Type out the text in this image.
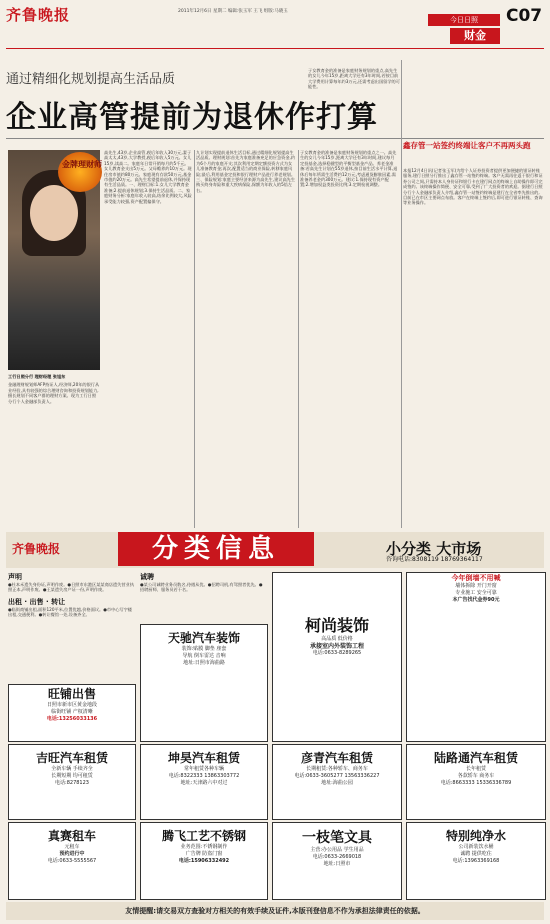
齐鲁晚报	2011年12月6日 星期二 编辑:张玉军 王飞 组版:马晓玉
今日日照
财金
C07
通过精细化规划提高生活品质
企业高管提前为退休作打算
金牌理财师

工行日照分行 理财经理 张旭东

金融理财规划师AFP持证人,经济师,20年的银行从业经验,具有较强的综合理财咨询和投资规划能力,擅长规划不同客户群的理财方案。现为工行日照分行个人金融部负责人。

高先生,43岁,企业高管,税后年收入30万元,妻子高太太,43岁,大学教授,税后年收入5万元。女儿15岁,读高二。家庭年日常开销每月约5千元。女儿教育金支出5万元。父母赡养约10万元。现住房市值约80万元。家庭现有存款50万元,基金市值约20万元。高先生希望提前退休,并保持现有生活品质。一、理财目标:1.女儿大学教育金准备;2.提前退休规划;3.保持生活品质。二、家庭财务分析:家庭年收入较高,结余比例较大,风险承受能力较强,资产配置偏保守。
九计划实现提前退休生活目标,通过精细化规划提高生活品质。理财规划:首先为家庭准备充足的应急资金,约为6个月的家庭开支;其次利用定期定额投资方式为女儿准备教育金;再次,配置适当的商业保险,转移家庭风险;最后,利用基金定投和银行理财产品进行养老规划。三、保险规划:家庭主要经济来源为高先生,建议高先生购买终身寿险和重大疾病保险,保额为年收入的5倍左右。
子女教育金的准备是家庭财务规划的重点之一。高先生的女儿今年15岁,距离大学还有3年时间,建议每月定投基金,选择稳健型的平衡型基金产品。养老金准备:若高先生计划在55岁退休,按目前生活水平计算,退休后每年所需生活费约12万元,考虑通货膨胀因素,需准备养老金约300万元。建议:1.保持现有资产配置;2.增加权益类投资比例;3.定期检视调整。
子女教育金的准备是家庭财务规划的重点,高先生的女儿今年15岁,距离大学还有3年时间,若按目前大学费用计算每年约3万元,还需考虑出国留学的可能性。
鑫存管一站签约终端让客户不再两头跑
本报12月4日讯(记者张玉军)为给个人证券投资者提供更加便捷的银证转账服务,建行日照分行推出了鑫存管一站签约终端。客户无需再往返于银行和证券公司之间,只需持本人身份证和银行卡在建行网点的终端上自助操作即可完成签约。该终端操作简便、安全可靠,受到了广大投资者的欢迎。据建行日照分行个人金融部负责人介绍,鑫存管一站签约终端是建行在全省率先推出的,目前已在市区主要网点布放。客户在终端上签约后,即可进行银证转账、查询等业务操作。
齐鲁晚报	分类信息	小分类 大市场
咨询电话:8308119 18769364117
声明
●杜本禾遗失身份证,声明作废。●日照市东港区某某商店遗失营业执照正本,声明作废。●王某遗失房产证一份,声明作废。
出租 · 出售 · 转让
●临街商铺出租,面积120平米,位置优越,价格面议。●市中心写字楼出租,交通便利。●转让餐馆一处,设备齐全。
诚聘
●某公司诚聘业务员数名,待遇从优。●招聘司机,有驾照者优先。●招聘厨师、服务员若干名。
旺铺出售
日照市新市区黄金地段
临街旺铺 产权清晰
电话:13256033136
天驰汽车装饰
装饰:贴膜 脚垫 座套
导航 倒车雷达 音响
地址:日照市海曲路
柯尚装饰
高品质 低价格
承接室内外装饰工程
电话:0633-8289265
今年倒墙不用喊
墙体拆除 开门开窗
专业施工 安全可靠
本广告找代金券90元
吉旺汽车租赁
全新车辆 手续齐全
长期短期 均可租赁
电话:8278123
坤昊汽车租赁
常年租赁各种车辆
电话:8322333 13863303772
地址:天津路六中对过
彦青汽车租赁
长期租赁:各种轿车、商务车
电话:0633-3605277 13563336227
地址:海曲公园
陆路通汽车租赁
长年租赁
各款轿车 商务车
电话:8663333 15336336789
真赛租车
元租车
预约进行中
电话:0633-5555567
腾飞工艺不锈钢
业务范围:不锈钢制作
广告牌 防盗门窗
电话:15906332492
一枝笔文具
主营:办公用品 学生用品
电话:0633-2669018
地址:日照市
特别纯净水
公司新装饮水桶
诚聘 提供吃住
电话:13963369168
友情提醒:请交易双方查验对方相关的有效手续及证件,本版刊登信息不作为承担法律责任的依据。
